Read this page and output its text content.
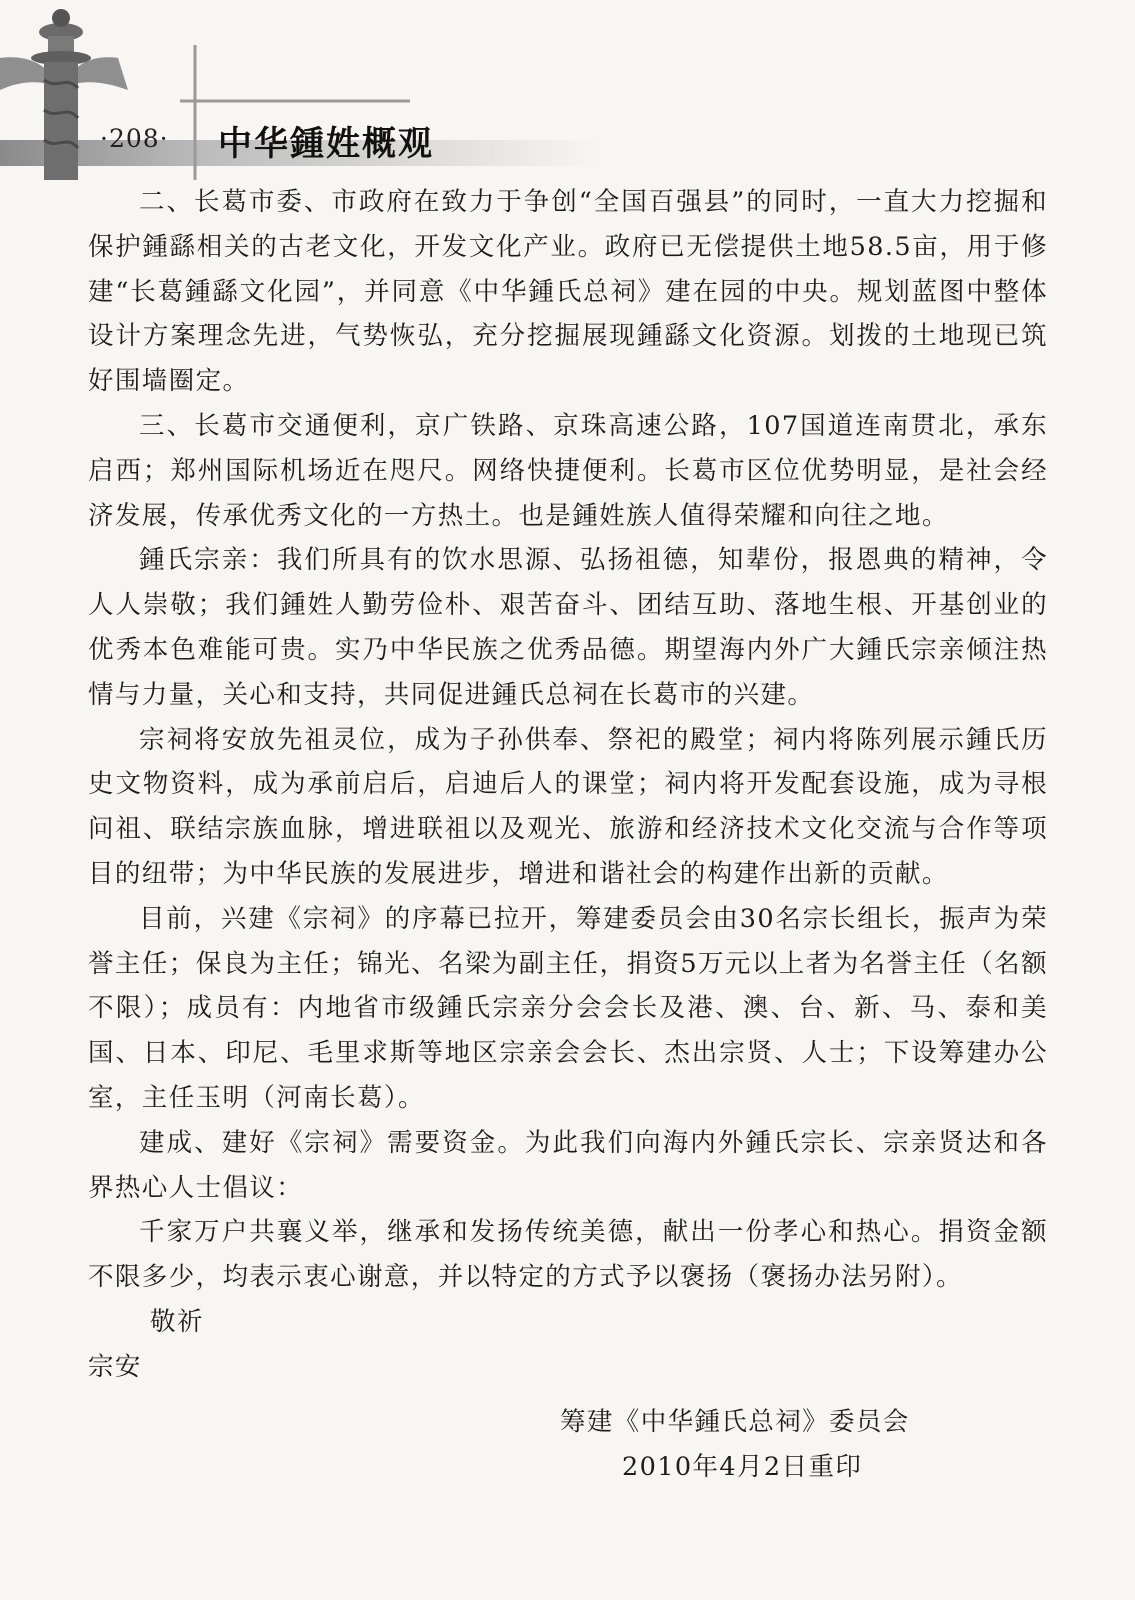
·208· 中华鍾姓概观

二、长葛市委、市政府在致力于争创“全国百强县”的同时，一直大力挖掘和保护鍾繇相关的古老文化，开发文化产业。政府已无偿提供土地58.5亩，用于修建“长葛鍾繇文化园”，并同意《中华鍾氏总祠》建在园的中央。规划蓝图中整体设计方案理念先进，气势恢弘，充分挖掘展现鍾繇文化资源。划拨的土地现已筑好围墙圈定。

三、长葛市交通便利，京广铁路、京珠高速公路，107国道连南贯北，承东启西；郑州国际机场近在咫尺。网络快捷便利。长葛市区位优势明显，是社会经济发展，传承优秀文化的一方热土。也是鍾姓族人值得荣耀和向往之地。

鍾氏宗亲：我们所具有的饮水思源、弘扬祖德，知辈份，报恩典的精神，令人人崇敬；我们鍾姓人勤劳俭朴、艰苦奋斗、团结互助、落地生根、开基创业的优秀本色难能可贵。实乃中华民族之优秀品德。期望海内外广大鍾氏宗亲倾注热情与力量，关心和支持，共同促进鍾氏总祠在长葛市的兴建。

宗祠将安放先祖灵位，成为子孙供奉、祭祀的殿堂；祠内将陈列展示鍾氏历史文物资料，成为承前启后，启迪后人的课堂；祠内将开发配套设施，成为寻根问祖、联结宗族血脉，增进联祖以及观光、旅游和经济技术文化交流与合作等项目的纽带；为中华民族的发展进步，增进和谐社会的构建作出新的贡献。

目前，兴建《宗祠》的序幕已拉开，筹建委员会由30名宗长组长，振声为荣誉主任；保良为主任；锦光、名梁为副主任，捐资5万元以上者为名誉主任（名额不限）；成员有：内地省市级鍾氏宗亲分会会长及港、澳、台、新、马、泰和美国、日本、印尼、毛里求斯等地区宗亲会会长、杰出宗贤、人士；下设筹建办公室，主任玉明（河南长葛）。

建成、建好《宗祠》需要资金。为此我们向海内外鍾氏宗长、宗亲贤达和各界热心人士倡议：

千家万户共襄义举，继承和发扬传统美德，献出一份孝心和热心。捐资金额不限多少，均表示衷心谢意，并以特定的方式予以褒扬（褒扬办法另附）。

敬祈

宗安

筹建《中华鍾氏总祠》委员会
2010年4月2日重印
